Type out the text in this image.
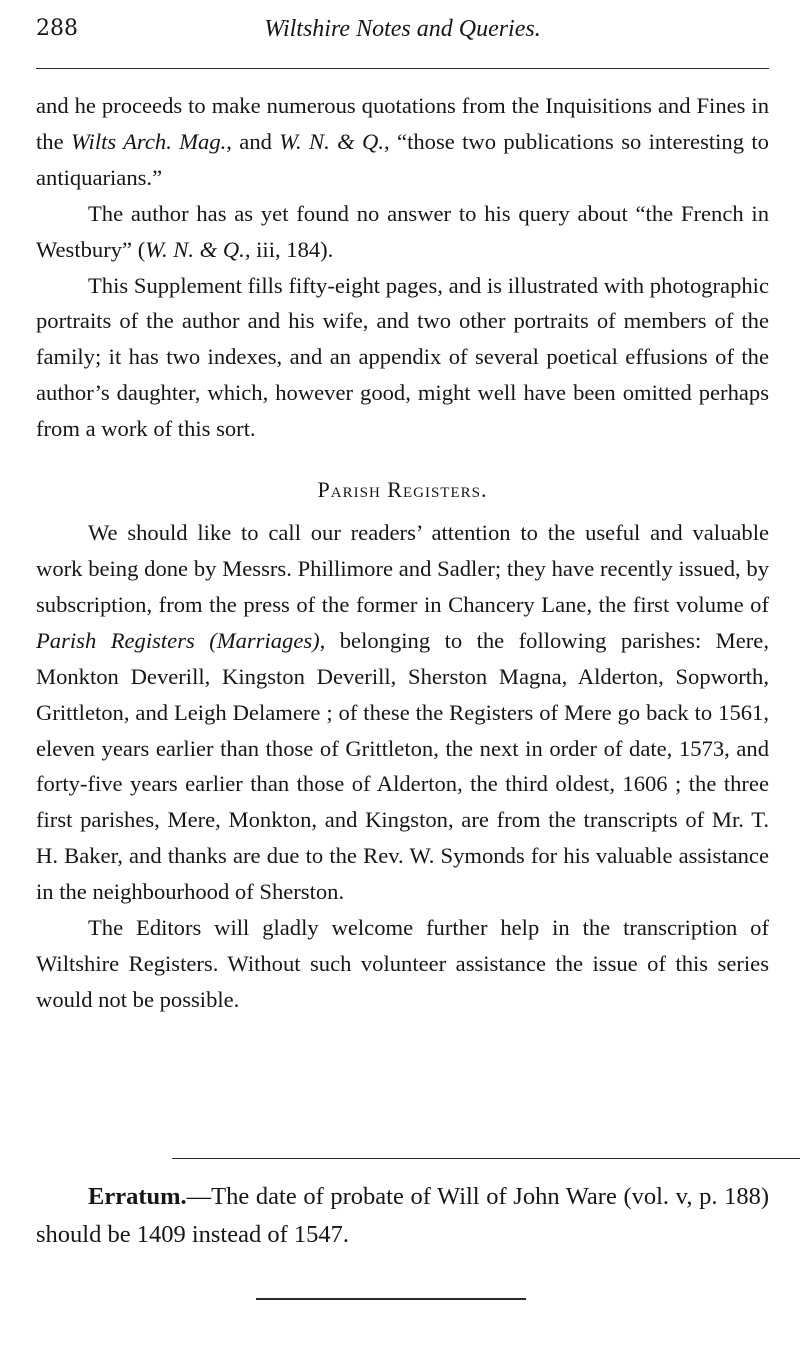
288	Wiltshire Notes and Queries.

and he proceeds to make numerous quotations from the Inquisitions and Fines in the Wilts Arch. Mag., and W. N. & Q., “those two publications so interesting to antiquarians.”

The author has as yet found no answer to his query about “the French in Westbury” (W. N. & Q., iii, 184).

This Supplement fills fifty-eight pages, and is illustrated with photographic portraits of the author and his wife, and two other portraits of members of the family; it has two indexes, and an appendix of several poetical effusions of the author’s daughter, which, however good, might well have been omitted perhaps from a work of this sort.

Parish Registers.

We should like to call our readers’ attention to the useful and valuable work being done by Messrs. Phillimore and Sadler; they have recently issued, by subscription, from the press of the former in Chancery Lane, the first volume of Parish Registers (Marriages), belonging to the following parishes: Mere, Monkton Deverill, Kingston Deverill, Sherston Magna, Alderton, Sopworth, Grittleton, and Leigh Delamere ; of these the Registers of Mere go back to 1561, eleven years earlier than those of Grittleton, the next in order of date, 1573, and forty-five years earlier than those of Alderton, the third oldest, 1606 ; the three first parishes, Mere, Monkton, and Kingston, are from the transcripts of Mr. T. H. Baker, and thanks are due to the Rev. W. Symonds for his valuable assistance in the neighbourhood of Sherston.

The Editors will gladly welcome further help in the transcription of Wiltshire Registers. Without such volunteer assistance the issue of this series would not be possible.

Erratum.—The date of probate of Will of John Ware (vol. v, p. 188) should be 1409 instead of 1547.
